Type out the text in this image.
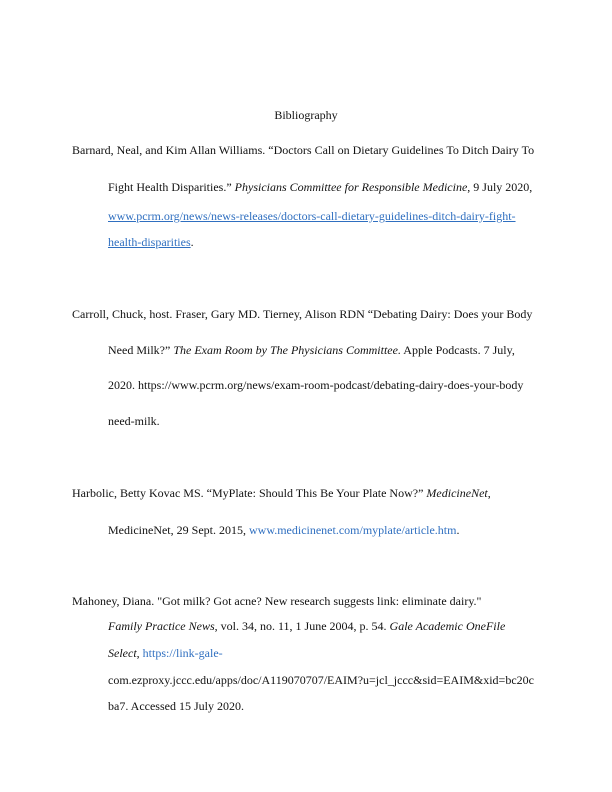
Bibliography
Barnard, Neal, and Kim Allan Williams. “Doctors Call on Dietary Guidelines To Ditch Dairy To
Fight Health Disparities.” Physicians Committee for Responsible Medicine, 9 July 2020,
www.pcrm.org/news/news-releases/doctors-call-dietary-guidelines-ditch-dairy-fight-
health-disparities.
Carroll, Chuck, host. Fraser, Gary MD. Tierney, Alison RDN “Debating Dairy: Does your Body
Need Milk?” The Exam Room by The Physicians Committee. Apple Podcasts. 7 July,
2020. https://www.pcrm.org/news/exam-room-podcast/debating-dairy-does-your-body
need-milk.
Harbolic, Betty Kovac MS. “MyPlate: Should This Be Your Plate Now?” MedicineNet,
MedicineNet, 29 Sept. 2015, www.medicinenet.com/myplate/article.htm.
Mahoney, Diana. "Got milk? Got acne? New research suggests link: eliminate dairy."
Family Practice News, vol. 34, no. 11, 1 June 2004, p. 54. Gale Academic OneFile
Select, https://link-gale-
com.ezproxy.jccc.edu/apps/doc/A119070707/EAIM?u=jcl_jccc&sid=EAIM&xid=bc20c
ba7. Accessed 15 July 2020.
